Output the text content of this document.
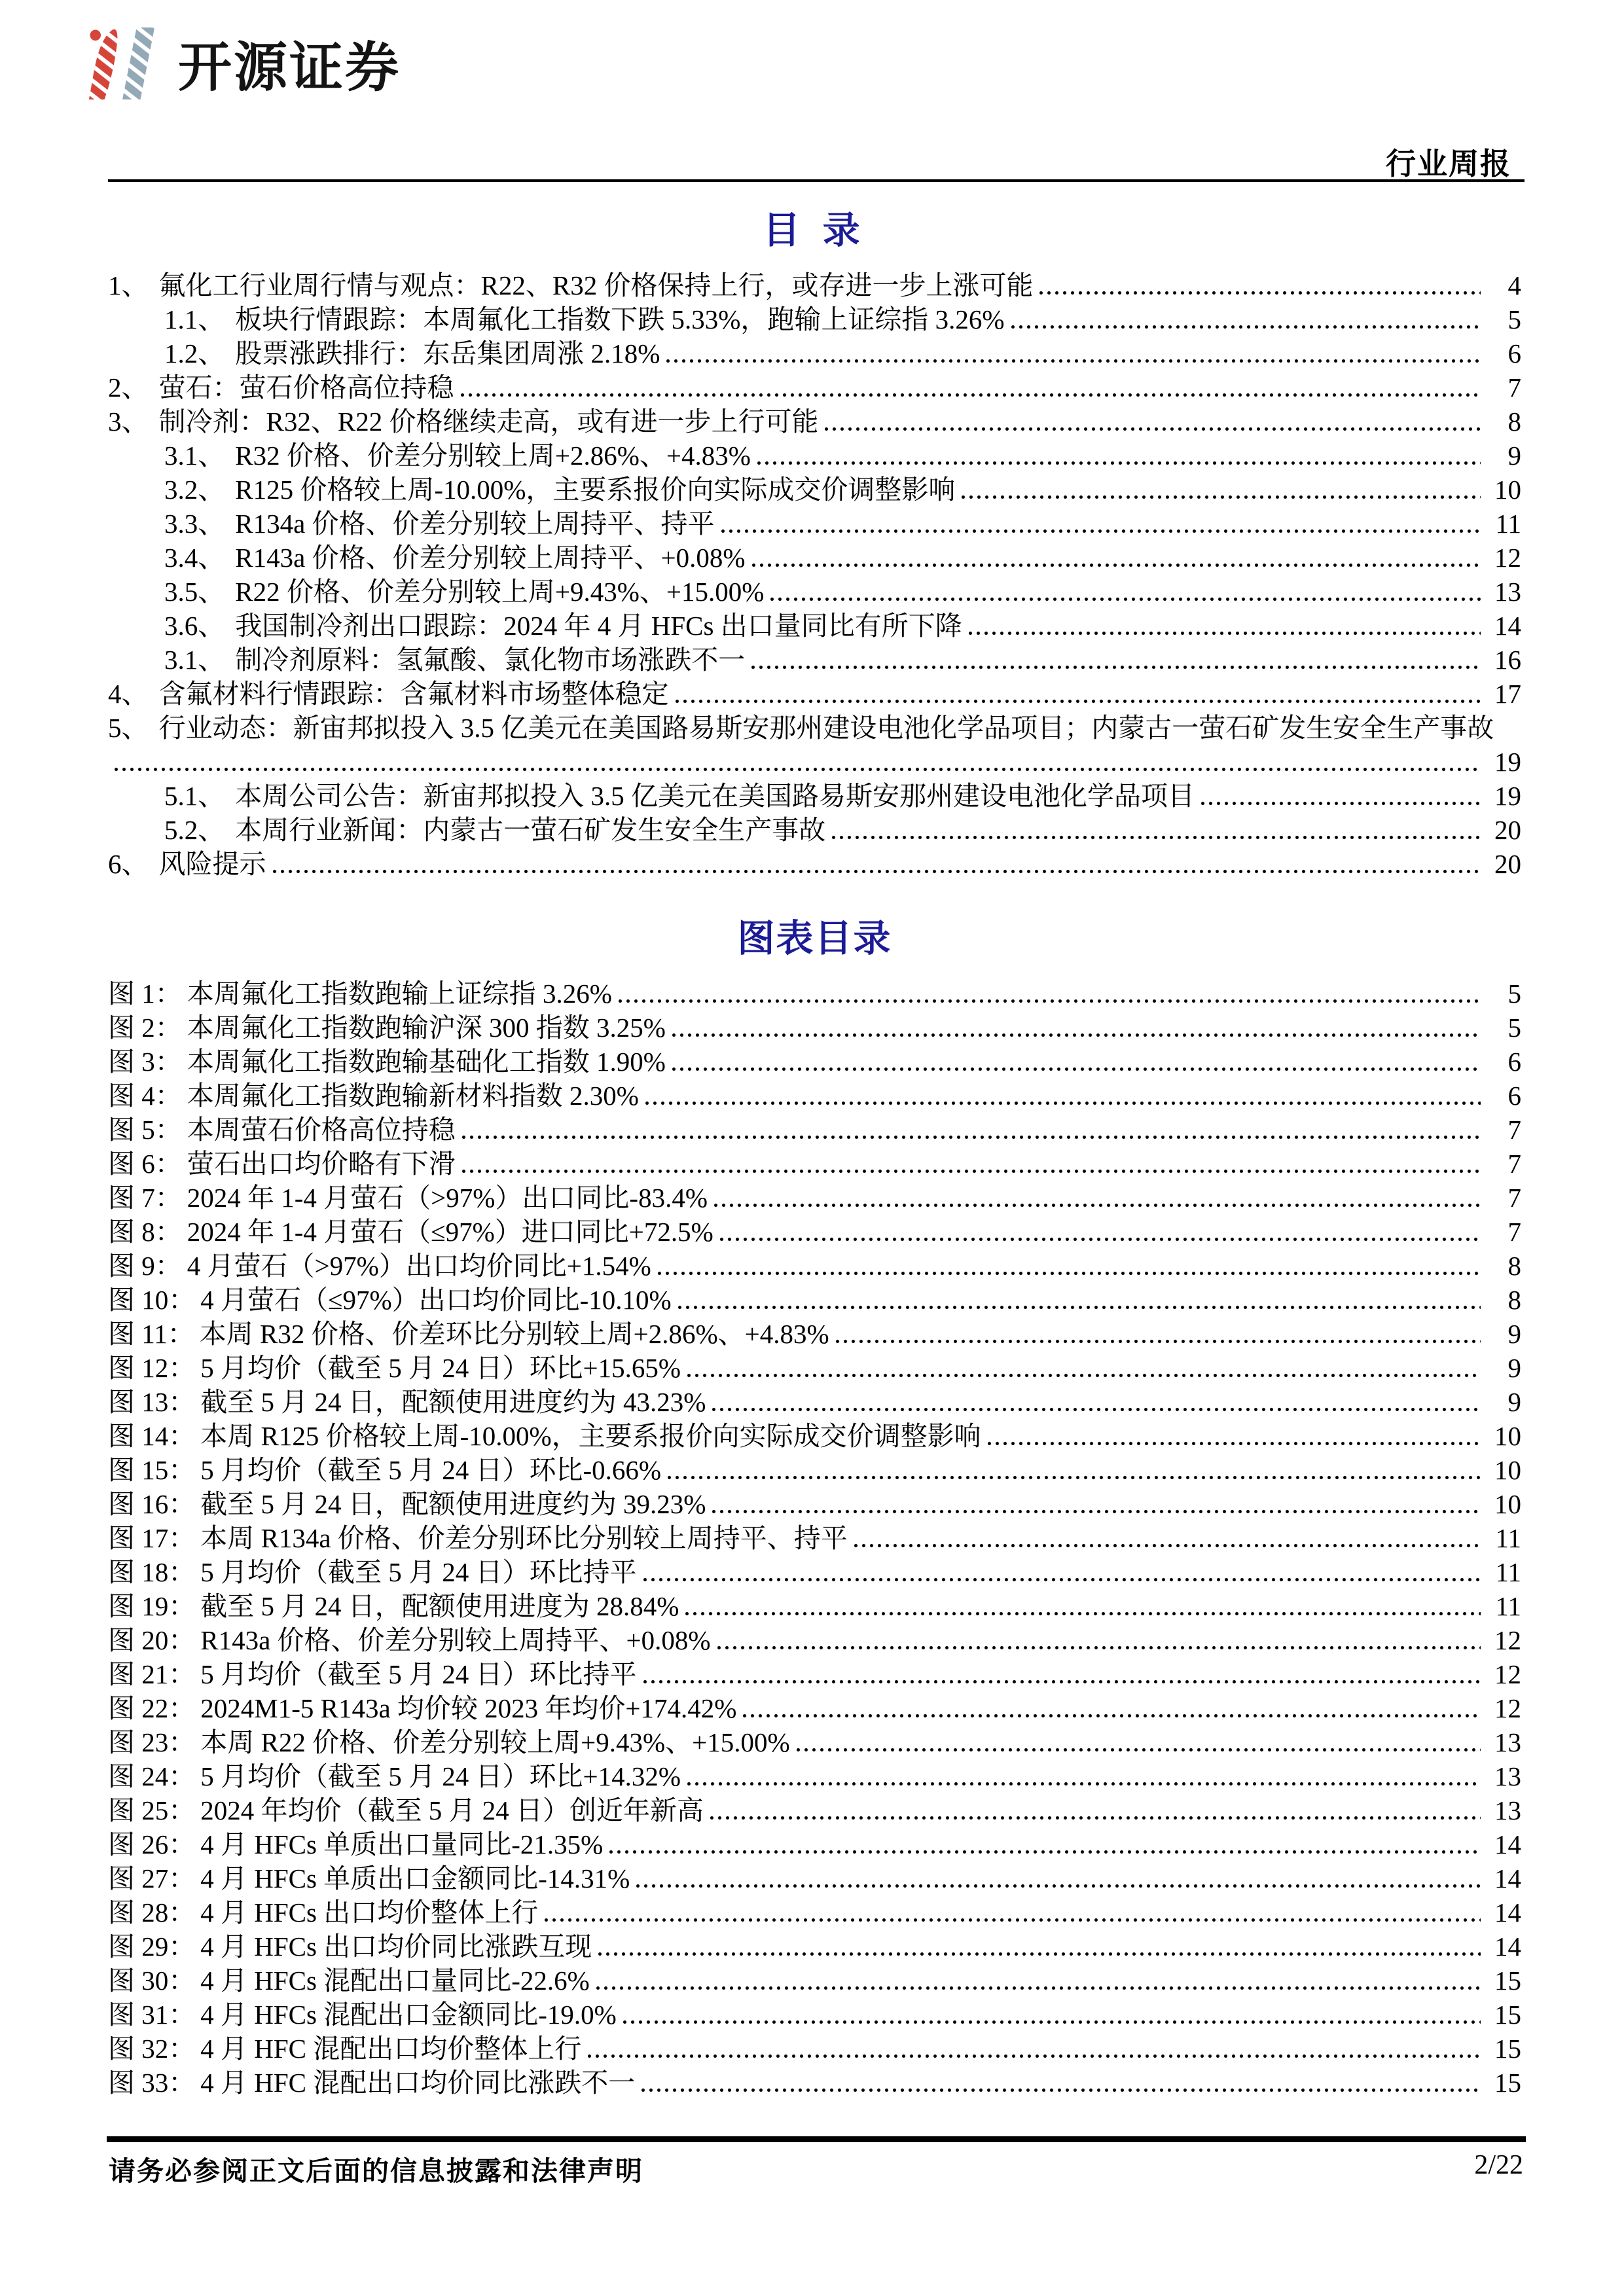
开源证券
行业周报
目 录
1、 氟化工行业周行情与观点：R22、R32 价格保持上行，或存进一步上涨可能	4
1.1、 板块行情跟踪：本周氟化工指数下跌 5.33%，跑输上证综指 3.26%	5
1.2、 股票涨跌排行：东岳集团周涨 2.18%	6
2、 萤石：萤石价格高位持稳	7
3、 制冷剂：R32、R22 价格继续走高，或有进一步上行可能	8
3.1、 R32 价格、价差分别较上周+2.86%、+4.83%	9
3.2、 R125 价格较上周-10.00%，主要系报价向实际成交价调整影响	10
3.3、 R134a 价格、价差分别较上周持平、持平	11
3.4、 R143a 价格、价差分别较上周持平、+0.08%	12
3.5、 R22 价格、价差分别较上周+9.43%、+15.00%	13
3.6、 我国制冷剂出口跟踪：2024 年 4 月 HFCs 出口量同比有所下降	14
3.1、 制冷剂原料：氢氟酸、氯化物市场涨跌不一	16
4、 含氟材料行情跟踪：含氟材料市场整体稳定	17
5、 行业动态：新宙邦拟投入 3.5 亿美元在美国路易斯安那州建设电池化学品项目；内蒙古一萤石矿发生安全生产事故
19
5.1、 本周公司公告：新宙邦拟投入 3.5 亿美元在美国路易斯安那州建设电池化学品项目	19
5.2、 本周行业新闻：内蒙古一萤石矿发生安全生产事故	20
6、 风险提示	20
图表目录
图 1： 本周氟化工指数跑输上证综指 3.26%	5
图 2： 本周氟化工指数跑输沪深 300 指数 3.25%	5
图 3： 本周氟化工指数跑输基础化工指数 1.90%	6
图 4： 本周氟化工指数跑输新材料指数 2.30%	6
图 5： 本周萤石价格高位持稳	7
图 6： 萤石出口均价略有下滑	7
图 7： 2024 年 1-4 月萤石（>97%）出口同比-83.4%	7
图 8： 2024 年 1-4 月萤石（≤97%）进口同比+72.5%	7
图 9： 4 月萤石（>97%）出口均价同比+1.54%	8
图 10： 4 月萤石（≤97%）出口均价同比-10.10%	8
图 11： 本周 R32 价格、价差环比分别较上周+2.86%、+4.83%	9
图 12： 5 月均价（截至 5 月 24 日）环比+15.65%	9
图 13： 截至 5 月 24 日，配额使用进度约为 43.23%	9
图 14： 本周 R125 价格较上周-10.00%，主要系报价向实际成交价调整影响	10
图 15： 5 月均价（截至 5 月 24 日）环比-0.66%	10
图 16： 截至 5 月 24 日，配额使用进度约为 39.23%	10
图 17： 本周 R134a 价格、价差分别环比分别较上周持平、持平	11
图 18： 5 月均价（截至 5 月 24 日）环比持平	11
图 19： 截至 5 月 24 日，配额使用进度为 28.84%	11
图 20： R143a 价格、价差分别较上周持平、+0.08%	12
图 21： 5 月均价（截至 5 月 24 日）环比持平	12
图 22： 2024M1-5 R143a 均价较 2023 年均价+174.42%	12
图 23： 本周 R22 价格、价差分别较上周+9.43%、+15.00%	13
图 24： 5 月均价（截至 5 月 24 日）环比+14.32%	13
图 25： 2024 年均价（截至 5 月 24 日）创近年新高	13
图 26： 4 月 HFCs 单质出口量同比-21.35%	14
图 27： 4 月 HFCs 单质出口金额同比-14.31%	14
图 28： 4 月 HFCs 出口均价整体上行	14
图 29： 4 月 HFCs 出口均价同比涨跌互现	14
图 30： 4 月 HFCs 混配出口量同比-22.6%	15
图 31： 4 月 HFCs 混配出口金额同比-19.0%	15
图 32： 4 月 HFC 混配出口均价整体上行	15
图 33： 4 月 HFC 混配出口均价同比涨跌不一	15
请务必参阅正文后面的信息披露和法律声明	2/22
